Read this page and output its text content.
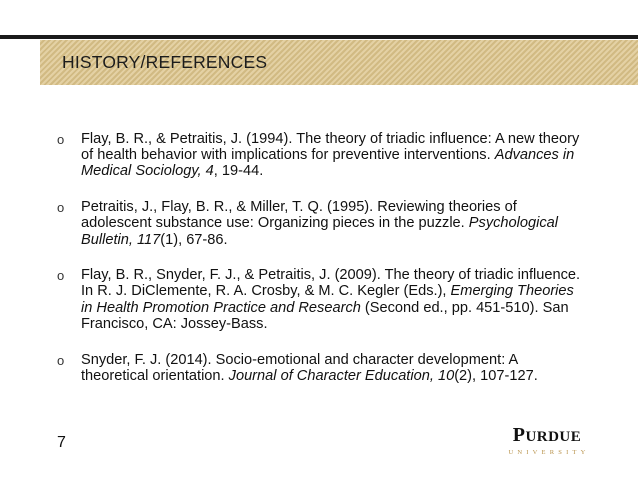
HISTORY/REFERENCES
o Flay, B. R., & Petraitis, J. (1994). The theory of triadic influence: A new theory of health behavior with implications for preventive interventions. Advances in Medical Sociology, 4, 19-44.
o Petraitis, J., Flay, B. R., & Miller, T. Q. (1995). Reviewing theories of adolescent substance use: Organizing pieces in the puzzle. Psychological Bulletin, 117(1), 67-86.
o Flay, B. R., Snyder, F. J., & Petraitis, J. (2009). The theory of triadic influence. In R. J. DiClemente, R. A. Crosby, & M. C. Kegler (Eds.), Emerging Theories in Health Promotion Practice and Research (Second ed., pp. 451-510). San Francisco, CA: Jossey-Bass.
o Snyder, F. J. (2014). Socio-emotional and character development: A theoretical orientation. Journal of Character Education, 10(2), 107-127.
7	PURDUE
UNIVERSITY
